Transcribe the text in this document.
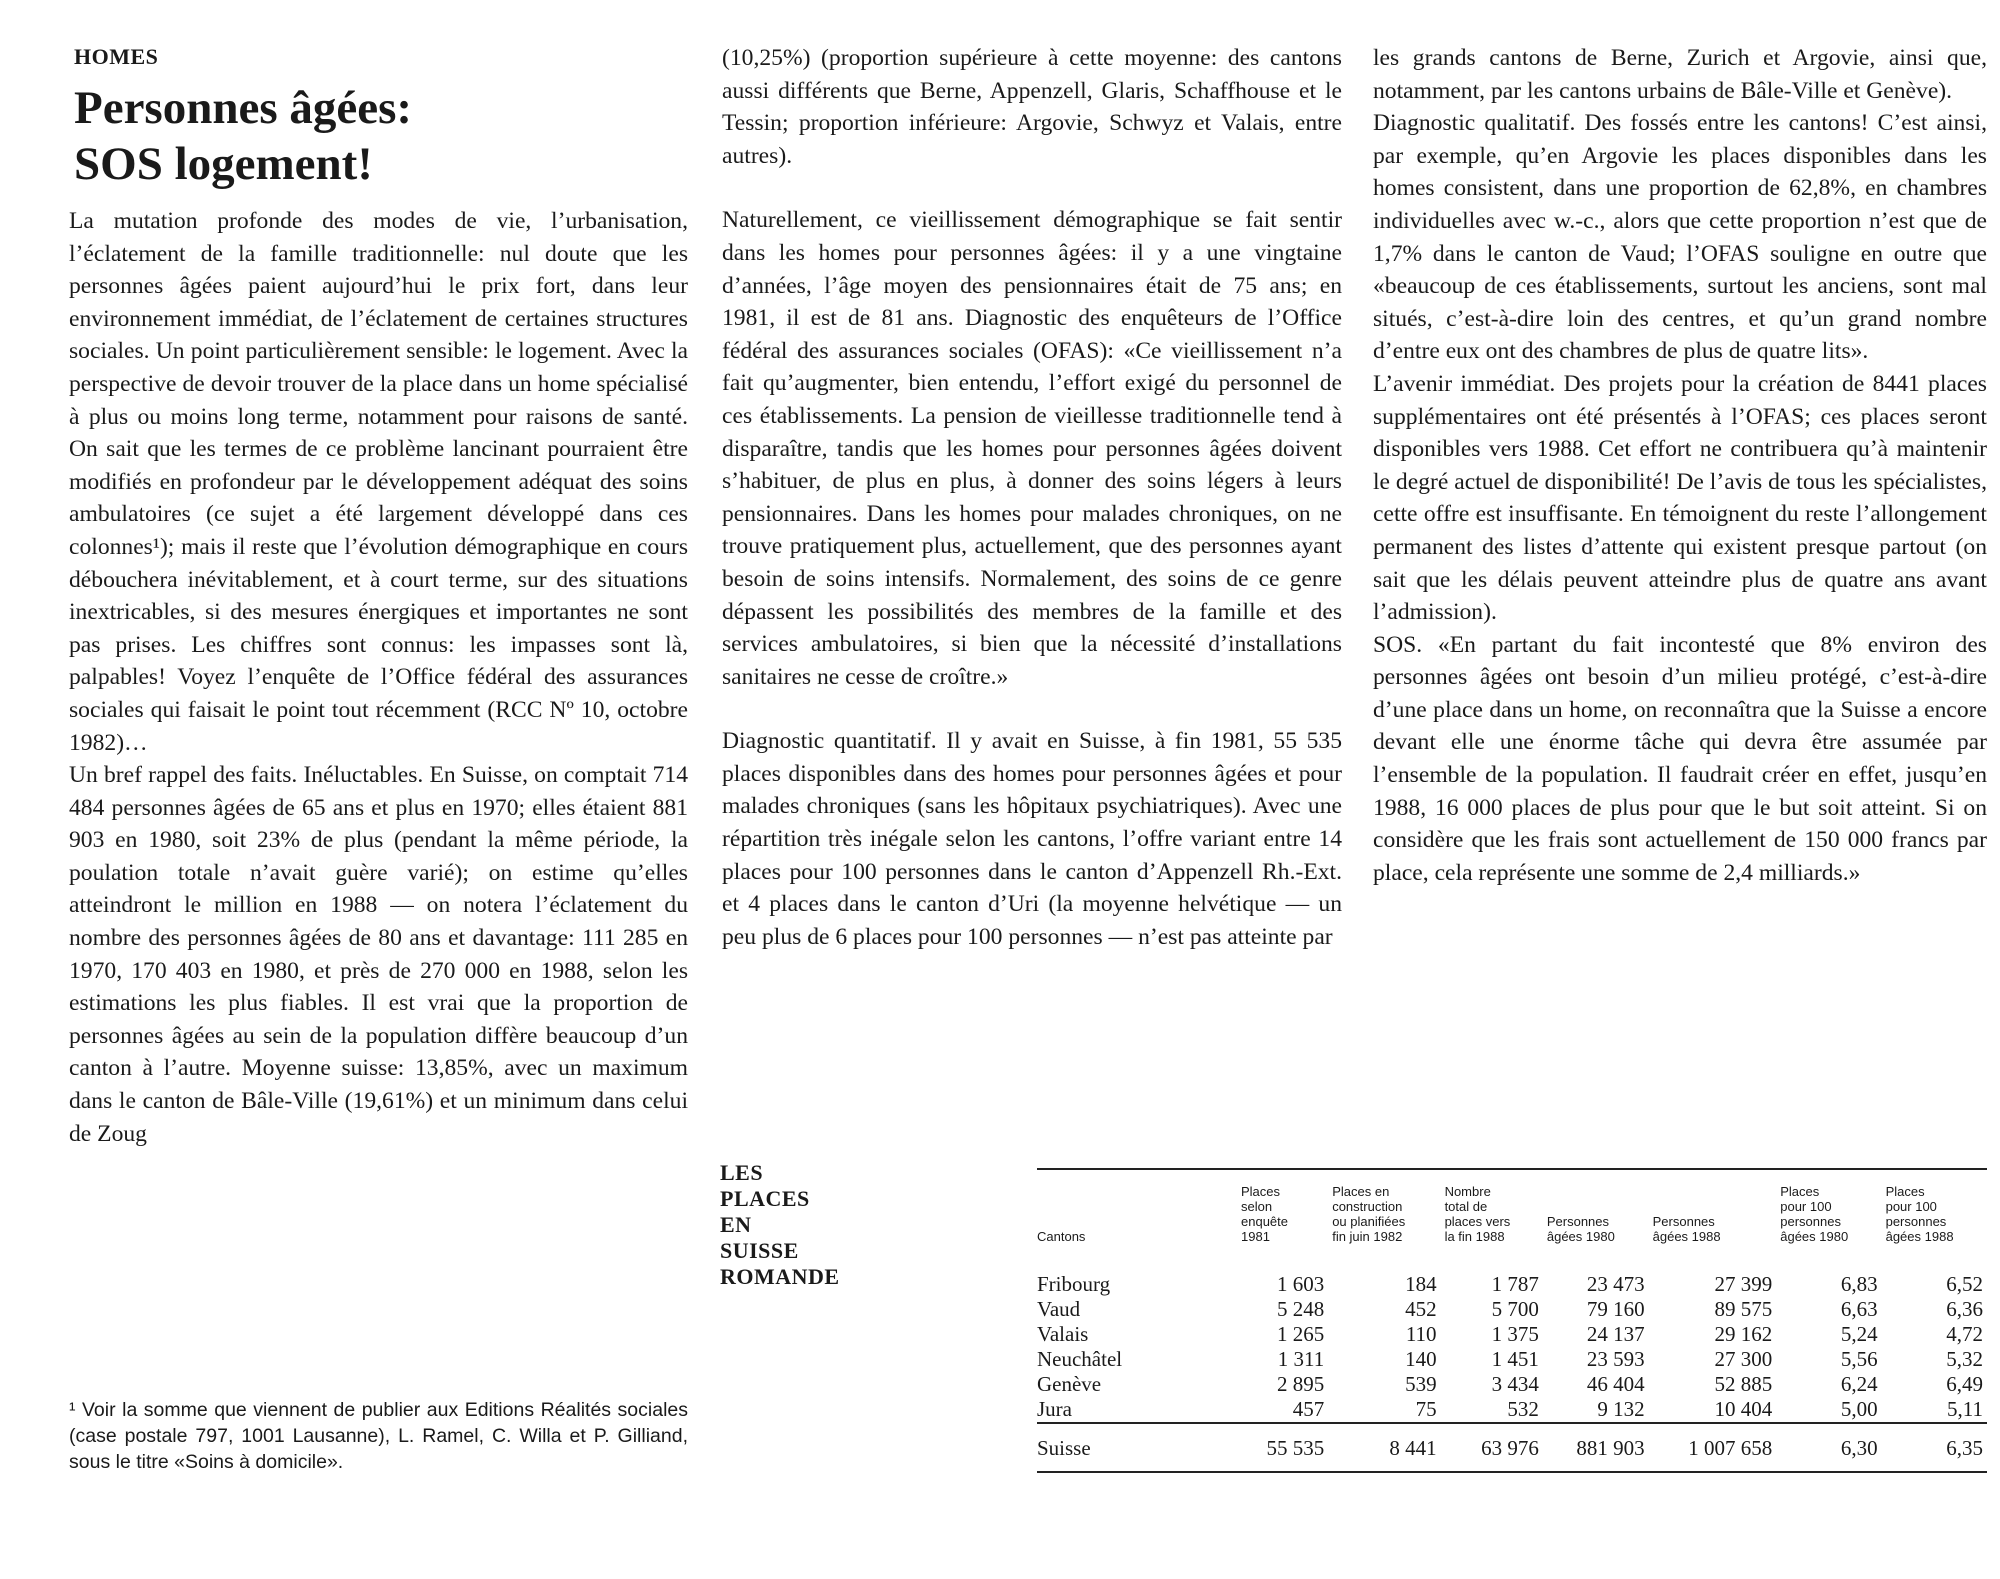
HOMES
Personnes âgées:
SOS logement!

La mutation profonde des modes de vie, l’urbanisation, l’éclatement de la famille traditionnelle: nul doute que les personnes âgées paient aujourd’hui le prix fort, dans leur environnement immédiat, de l’éclatement de certaines structures sociales. Un point particulièrement sensible: le logement. Avec la perspective de devoir trouver de la place dans un home spécialisé à plus ou moins long terme, notamment pour raisons de santé. On sait que les termes de ce problème lancinant pourraient être modifiés en profondeur par le développement adéquat des soins ambulatoires (ce sujet a été largement développé dans ces colonnes¹); mais il reste que l’évolution démographique en cours débouchera inévitablement, et à court terme, sur des situations inextricables, si des mesures énergiques et importantes ne sont pas prises. Les chiffres sont connus: les impasses sont là, palpables! Voyez l’enquête de l’Office fédéral des assurances sociales qui faisait le point tout récemment (RCC Nº 10, octobre 1982)…

Un bref rappel des faits. Inéluctables. En Suisse, on comptait 714 484 personnes âgées de 65 ans et plus en 1970; elles étaient 881 903 en 1980, soit 23% de plus (pendant la même période, la poulation totale n’avait guère varié); on estime qu’elles atteindront le million en 1988 — on notera l’éclatement du nombre des personnes âgées de 80 ans et davantage: 111 285 en 1970, 170 403 en 1980, et près de 270 000 en 1988, selon les estimations les plus fiables. Il est vrai que la proportion de personnes âgées au sein de la population diffère beaucoup d’un canton à l’autre. Moyenne suisse: 13,85%, avec un maximum dans le canton de Bâle-Ville (19,61%) et un minimum dans celui de Zoug

¹ Voir la somme que viennent de publier aux Editions Réalités sociales (case postale 797, 1001 Lausanne), L. Ramel, C. Willa et P. Gilliand, sous le titre «Soins à domicile».

(10,25%) (proportion supérieure à cette moyenne: des cantons aussi différents que Berne, Appenzell, Glaris, Schaffhouse et le Tessin; proportion inférieure: Argovie, Schwyz et Valais, entre autres).

Naturellement, ce vieillissement démographique se fait sentir dans les homes pour personnes âgées: il y a une vingtaine d’années, l’âge moyen des pensionnaires était de 75 ans; en 1981, il est de 81 ans. Diagnostic des enquêteurs de l’Office fédéral des assurances sociales (OFAS): «Ce vieillissement n’a fait qu’augmenter, bien entendu, l’effort exigé du personnel de ces établissements. La pension de vieillesse traditionnelle tend à disparaître, tandis que les homes pour personnes âgées doivent s’habituer, de plus en plus, à donner des soins légers à leurs pensionnaires. Dans les homes pour malades chroniques, on ne trouve pratiquement plus, actuellement, que des personnes ayant besoin de soins intensifs. Normalement, des soins de ce genre dépassent les possibilités des membres de la famille et des services ambulatoires, si bien que la nécessité d’installations sanitaires ne cesse de croître.»

Diagnostic quantitatif. Il y avait en Suisse, à fin 1981, 55 535 places disponibles dans des homes pour personnes âgées et pour malades chroniques (sans les hôpitaux psychiatriques). Avec une répartition très inégale selon les cantons, l’offre variant entre 14 places pour 100 personnes dans le canton d’Appenzell Rh.-Ext. et 4 places dans le canton d’Uri (la moyenne helvétique — un peu plus de 6 places pour 100 personnes — n’est pas atteinte par

les grands cantons de Berne, Zurich et Argovie, ainsi que, notamment, par les cantons urbains de Bâle-Ville et Genève).

Diagnostic qualitatif. Des fossés entre les cantons! C’est ainsi, par exemple, qu’en Argovie les places disponibles dans les homes consistent, dans une proportion de 62,8%, en chambres individuelles avec w.-c., alors que cette proportion n’est que de 1,7% dans le canton de Vaud; l’OFAS souligne en outre que «beaucoup de ces établissements, surtout les anciens, sont mal situés, c’est-à-dire loin des centres, et qu’un grand nombre d’entre eux ont des chambres de plus de quatre lits».

L’avenir immédiat. Des projets pour la création de 8441 places supplémentaires ont été présentés à l’OFAS; ces places seront disponibles vers 1988. Cet effort ne contribuera qu’à maintenir le degré actuel de disponibilité! De l’avis de tous les spécialistes, cette offre est insuffisante. En témoignent du reste l’allongement permanent des listes d’attente qui existent presque partout (on sait que les délais peuvent atteindre plus de quatre ans avant l’admission).

SOS. «En partant du fait incontesté que 8% environ des personnes âgées ont besoin d’un milieu protégé, c’est-à-dire d’une place dans un home, on reconnaîtra que la Suisse a encore devant elle une énorme tâche qui devra être assumée par l’ensemble de la population. Il faudrait créer en effet, jusqu’en 1988, 16 000 places de plus pour que le but soit atteint. Si on considère que les frais sont actuellement de 150 000 francs par place, cela représente une somme de 2,4 milliards.»

LES
PLACES
EN
SUISSE
ROMANDE
Cantons	Places
selon
enquête
1981	Places en
construction
ou planifiées
fin juin 1982	Nombre
total de
places vers
la fin 1988	Personnes
âgées 1980	Personnes
âgées 1988	Places
pour 100
personnes
âgées 1980	Places
pour 100
personnes
âgées 1988
Fribourg	1 603	184	1 787	23 473	27 399	6,83	6,52
Vaud	5 248	452	5 700	79 160	89 575	6,63	6,36
Valais	1 265	110	1 375	24 137	29 162	5,24	4,72
Neuchâtel	1 311	140	1 451	23 593	27 300	5,56	5,32
Genève	2 895	539	3 434	46 404	52 885	6,24	6,49
Jura	457	75	532	9 132	10 404	5,00	5,11
Suisse	55 535	8 441	63 976	881 903	1 007 658	6,30	6,35
